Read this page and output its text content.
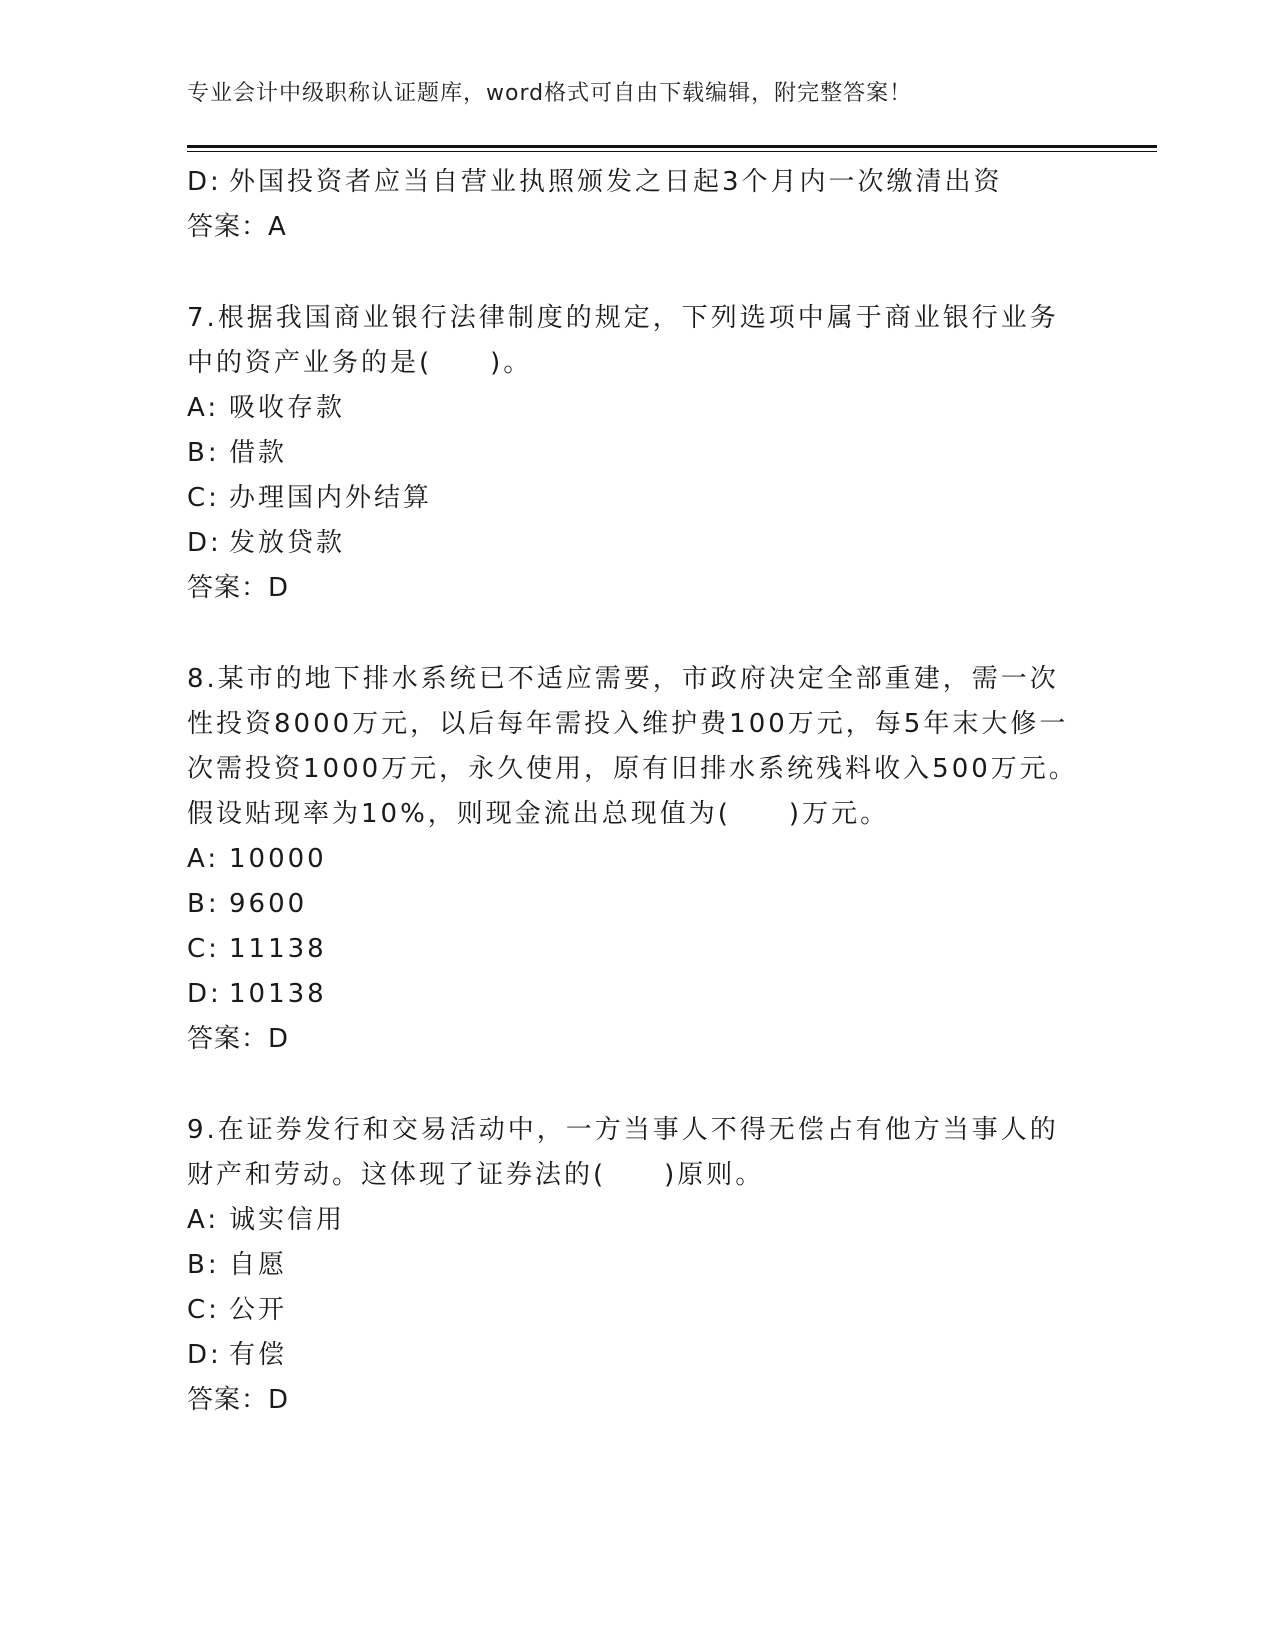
专业会计中级职称认证题库，word格式可自由下载编辑，附完整答案！
D: 外国投资者应当自营业执照颁发之日起3个月内一次缴清出资
答案：A
7.根据我国商业银行法律制度的规定，下列选项中属于商业银行业务
中的资产业务的是(　　)。
A: 吸收存款
B: 借款
C: 办理国内外结算
D: 发放贷款
答案：D
8.某市的地下排水系统已不适应需要，市政府决定全部重建，需一次
性投资8000万元，以后每年需投入维护费100万元，每5年末大修一
次需投资1000万元，永久使用，原有旧排水系统残料收入500万元。
假设贴现率为10%，则现金流出总现值为(　　)万元。
A: 10000
B: 9600
C: 11138
D: 10138
答案：D
9.在证券发行和交易活动中，一方当事人不得无偿占有他方当事人的
财产和劳动。这体现了证券法的(　　)原则。
A: 诚实信用
B: 自愿
C: 公开
D: 有偿
答案：D
